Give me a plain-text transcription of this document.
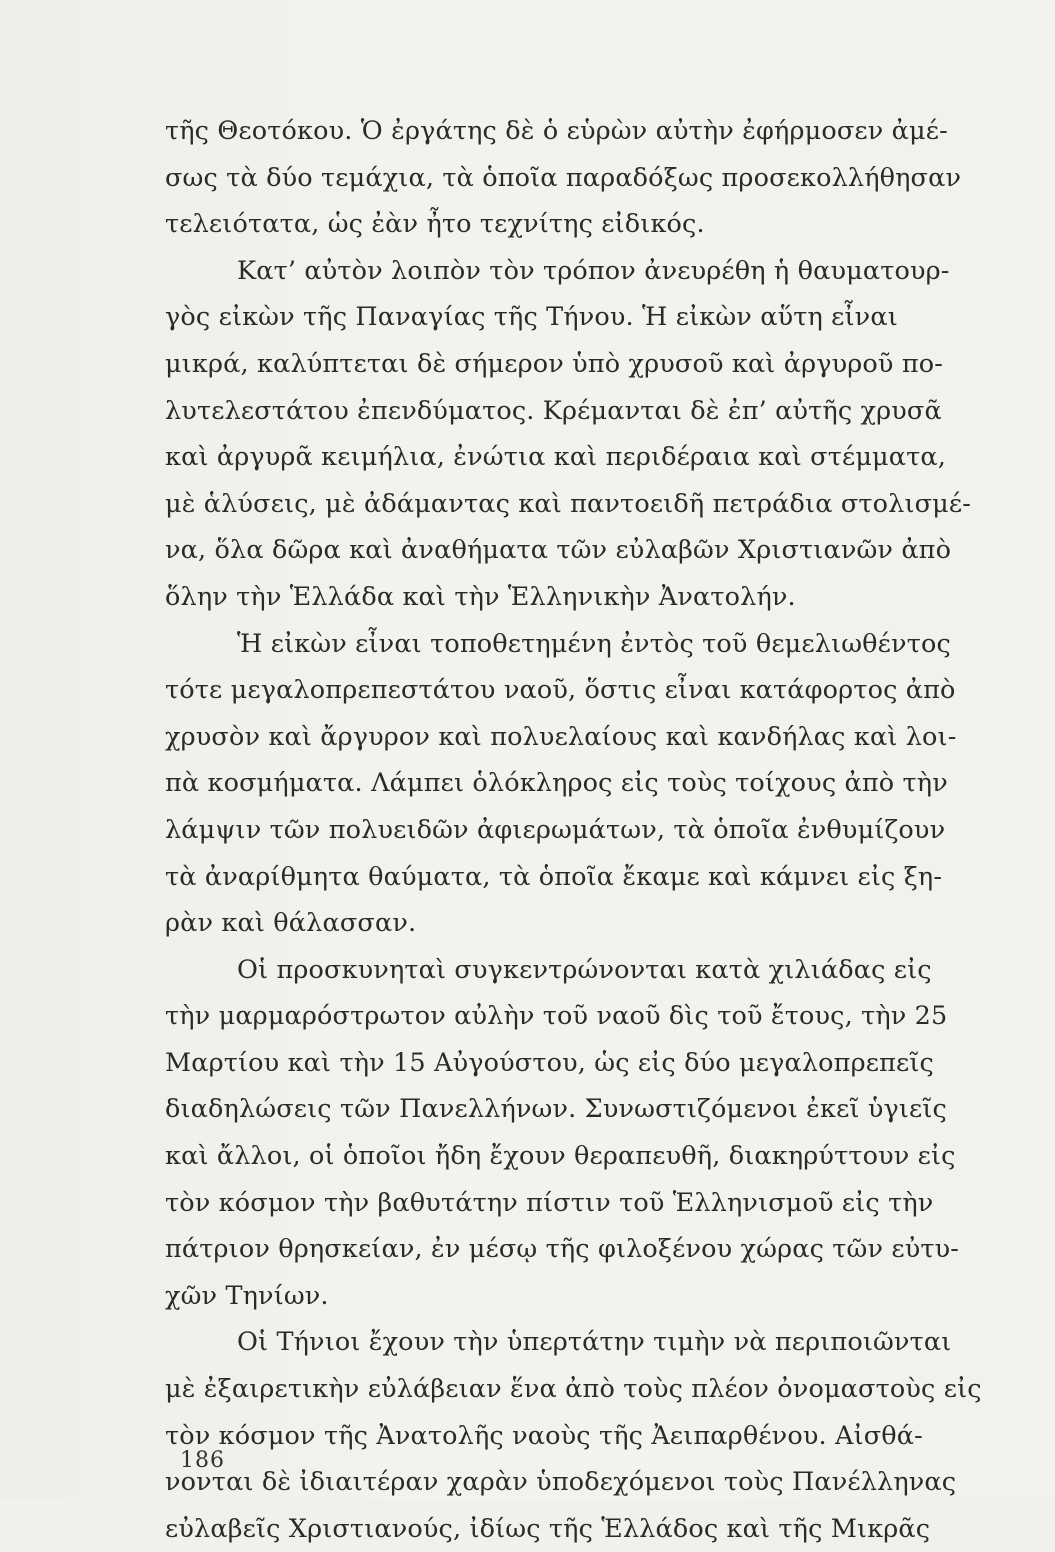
τῆς Θεοτόκου. Ὁ ἐργάτης δὲ ὁ εὑρὼν αὐτὴν ἐφήρμοσεν ἀμέ-
σως τὰ δύο τεμάχια, τὰ ὁποῖα παραδόξως προσεκολλήθησαν
τελειότατα, ὡς ἐὰν ἦτο τεχνίτης εἰδικός.
Κατ’ αὐτὸν λοιπὸν τὸν τρόπον ἀνευρέθη ἡ θαυματουρ-
γὸς εἰκὼν τῆς Παναγίας τῆς Τήνου. Ἡ εἰκὼν αὕτη εἶναι
μικρά, καλύπτεται δὲ σήμερον ὑπὸ χρυσοῦ καὶ ἀργυροῦ πο-
λυτελεστάτου ἐπενδύματος. Κρέμανται δὲ ἐπ’ αὐτῆς χρυσᾶ
καὶ ἀργυρᾶ κειμήλια, ἐνώτια καὶ περιδέραια καὶ στέμματα,
μὲ ἁλύσεις, μὲ ἀδάμαντας καὶ παντοειδῆ πετράδια στολισμέ-
να, ὅλα δῶρα καὶ ἀναθήματα τῶν εὐλαβῶν Χριστιανῶν ἀπὸ
ὅλην τὴν Ἑλλάδα καὶ τὴν Ἑλληνικὴν Ἀνατολήν.
Ἡ εἰκὼν εἶναι τοποθετημένη ἐντὸς τοῦ θεμελιωθέντος
τότε μεγαλοπρεπεστάτου ναοῦ, ὅστις εἶναι κατάφορτος ἀπὸ
χρυσὸν καὶ ἄργυρον καὶ πολυελαίους καὶ κανδήλας καὶ λοι-
πὰ κοσμήματα. Λάμπει ὁλόκληρος εἰς τοὺς τοίχους ἀπὸ τὴν
λάμψιν τῶν πολυειδῶν ἀφιερωμάτων, τὰ ὁποῖα ἐνθυμίζουν
τὰ ἀναρίθμητα θαύματα, τὰ ὁποῖα ἔκαμε καὶ κάμνει εἰς ξη-
ρὰν καὶ θάλασσαν.
Οἱ προσκυνηταὶ συγκεντρώνονται κατὰ χιλιάδας εἰς
τὴν μαρμαρόστρωτον αὐλὴν τοῦ ναοῦ δὶς τοῦ ἔτους, τὴν 25
Μαρτίου καὶ τὴν 15 Αὐγούστου, ὡς εἰς δύο μεγαλοπρεπεῖς
διαδηλώσεις τῶν Πανελλήνων. Συνωστιζόμενοι ἐκεῖ ὑγιεῖς
καὶ ἄλλοι, οἱ ὁποῖοι ἤδη ἔχουν θεραπευθῆ, διακηρύττουν εἰς
τὸν κόσμον τὴν βαθυτάτην πίστιν τοῦ Ἑλληνισμοῦ εἰς τὴν
πάτριον θρησκείαν, ἐν μέσῳ τῆς φιλοξένου χώρας τῶν εὐτυ-
χῶν Τηνίων.
Οἱ Τήνιοι ἔχουν τὴν ὑπερτάτην τιμὴν νὰ περιποιῶνται
μὲ ἐξαιρετικὴν εὐλάβειαν ἕνα ἀπὸ τοὺς πλέον ὀνομαστοὺς εἰς
τὸν κόσμον τῆς Ἀνατολῆς ναοὺς τῆς Ἀειπαρθένου. Αἰσθά-
νονται δὲ ἰδιαιτέραν χαρὰν ὑποδεχόμενοι τοὺς Πανέλληνας
εὐλαβεῖς Χριστιανούς, ἰδίως τῆς Ἑλλάδος καὶ τῆς Μικρᾶς
186
